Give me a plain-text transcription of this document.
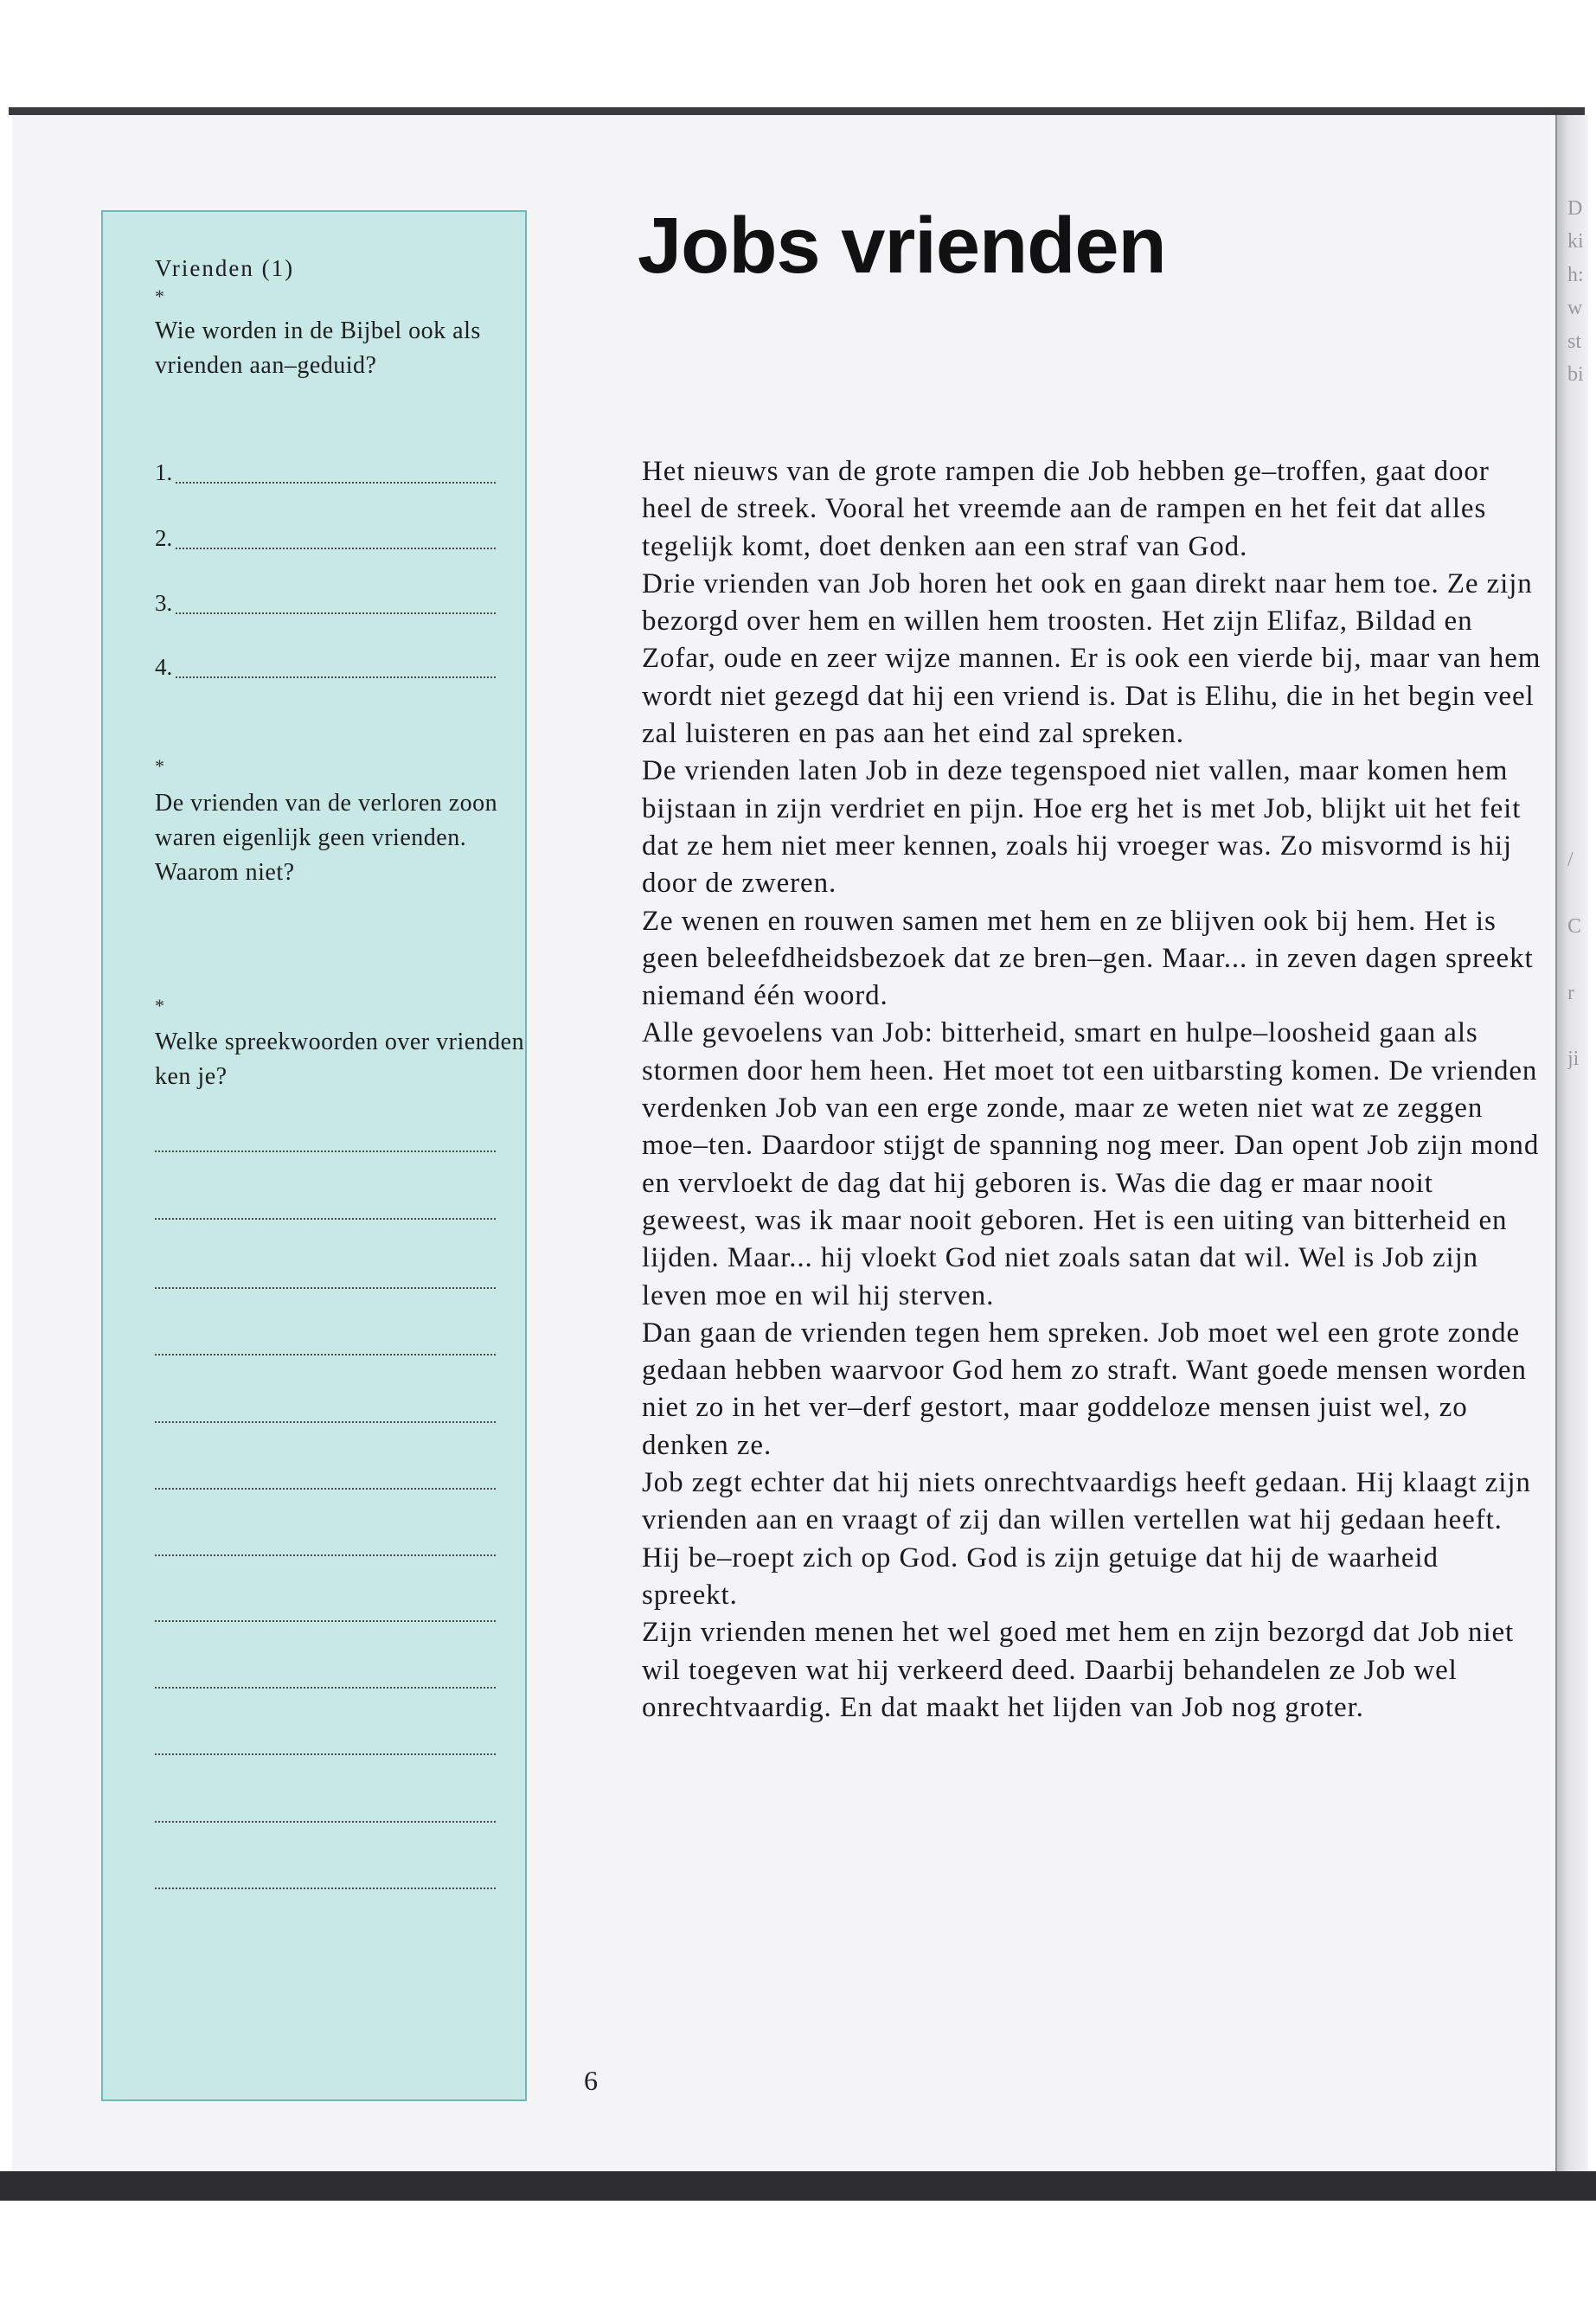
D
ki
h:
w
st
bi
/

C

r

ji
Vrienden (1)
*
Wie worden in de Bijbel ook als vrienden aan–geduid?
1.
2.
3.
4.
*
De vrienden van de verloren zoon waren eigenlijk geen vrienden. Waarom niet?
*
Welke spreekwoorden over vrienden ken je?
Jobs vrienden

Het nieuws van de grote rampen die Job hebben ge–troffen, gaat door heel de streek. Vooral het vreemde aan de rampen en het feit dat alles tegelijk komt, doet denken aan een straf van God.

Drie vrienden van Job horen het ook en gaan direkt naar hem toe. Ze zijn bezorgd over hem en willen hem troosten. Het zijn Elifaz, Bildad en Zofar, oude en zeer wijze mannen. Er is ook een vierde bij, maar van hem wordt niet gezegd dat hij een vriend is. Dat is Elihu, die in het begin veel zal luisteren en pas aan het eind zal spreken.

De vrienden laten Job in deze tegenspoed niet vallen, maar komen hem bijstaan in zijn verdriet en pijn. Hoe erg het is met Job, blijkt uit het feit dat ze hem niet meer kennen, zoals hij vroeger was. Zo misvormd is hij door de zweren.

Ze wenen en rouwen samen met hem en ze blijven ook bij hem. Het is geen beleefdheidsbezoek dat ze bren–gen. Maar... in zeven dagen spreekt niemand één woord.

Alle gevoelens van Job: bitterheid, smart en hulpe–loosheid gaan als stormen door hem heen. Het moet tot een uitbarsting komen. De vrienden verdenken Job van een erge zonde, maar ze weten niet wat ze zeggen moe–ten. Daardoor stijgt de spanning nog meer. Dan opent Job zijn mond en vervloekt de dag dat hij geboren is. Was die dag er maar nooit geweest, was ik maar nooit geboren. Het is een uiting van bitterheid en lijden. Maar... hij vloekt God niet zoals satan dat wil. Wel is Job zijn leven moe en wil hij sterven.

Dan gaan de vrienden tegen hem spreken. Job moet wel een grote zonde gedaan hebben waarvoor God hem zo straft. Want goede mensen worden niet zo in het ver–derf gestort, maar goddeloze mensen juist wel, zo denken ze.

Job zegt echter dat hij niets onrechtvaardigs heeft gedaan. Hij klaagt zijn vrienden aan en vraagt of zij dan willen vertellen wat hij gedaan heeft. Hij be–roept zich op God. God is zijn getuige dat hij de waarheid spreekt.

Zijn vrienden menen het wel goed met hem en zijn bezorgd dat Job niet wil toegeven wat hij verkeerd deed. Daarbij behandelen ze Job wel onrechtvaardig. En dat maakt het lijden van Job nog groter.

6
